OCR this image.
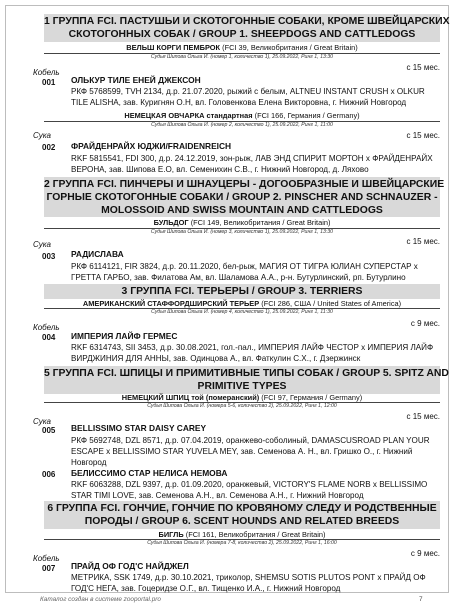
1 ГРУППА FCI. ПАСТУШЬИ И СКОТОГОННЫЕ СОБАКИ, КРОМЕ ШВЕЙЦАРСКИХ
СКОТОГОННЫХ СОБАК / GROUP 1. SHEEPDOGS AND CATTLEDOGS
ВЕЛЬШ КОРГИ ПЕМБРОК (FCI 39, Великобритания / Great Britain)
Судья Шипова Ольга И. (номер 1, количество 1), 25.09.2022, Ринг 1, 13:30
Кобель
с 15 мес.
001 ОЛЬКУР ТИЛЕ ЕНЕЙ ДЖЕКСОН
РКФ 5768599, TVH 2134, д.р. 21.07.2020, рыжий с белым, ALTNEU INSTANT CRUSH x OLKUR
TILE ALISHA, зав. Куригнян О.Н, вл. Головенкова Елена Викторовна, г. Нижний Новгород
НЕМЕЦКАЯ ОВЧАРКА стандартная (FCI 166, Германия / Germany)
Судья Шипова Ольга И. (номер 2, количество 1), 25.09.2022, Ринг 1, 11:00
Сука	с 15 мес.
002 ФРАЙДЕНРАЙХ ЮДЖИ/FRAIDENREICH
RKF 5815541, FDI 300, д.р. 24.12.2019, зон-рыж, ЛАВ ЭНД СПИРИТ МОРТОН x ФРАЙДЕНРАЙХ
ВЕРОНА, зав. Шипова Е.О, вл. Семенихин С.В., г. Нижний Новгород, д. Ляхово
2 ГРУППА FCI. ПИНЧЕРЫ И ШНАУЦЕРЫ - ДОГООБРАЗНЫЕ И ШВЕЙЦАРСКИЕ
ГОРНЫЕ СКОТОГОННЫЕ СОБАКИ / GROUP 2. PINSCHER AND SCHNAUZER -
MOLOSSOID AND SWISS MOUNTAIN AND CATTLEDOGS
БУЛЬДОГ (FCI 149, Великобритания / Great Britain)
Судья Шипова Ольга И. (номер 3, количество 1), 25.09.2022, Ринг 1, 13:30
Сука	с 15 мес.
003 РАДИСЛАВА
РКФ 6114121, FIR 3824, д.р. 20.11.2020, бел-рыж, МАГИЯ ОТ ТИГРА ЮЛИАН СУПЕРСТАР x
ГРЕТТА ГАРБО, зав. Филатова Ам, вл. Шаламова А.А., р-н. Бутурлинский, рп. Бутурлино
3 ГРУППА FCI. ТЕРЬЕРЫ / GROUP 3. TERRIERS
АМЕРИКАНСКИЙ СТАФФОРДШИРСКИЙ ТЕРЬЕР (FCI 286, США / United States of America)
Судья Шипова Ольга И. (номер 4, количество 1), 25.09.2022, Ринг 1, 11:30
Кобель	с 9 мес.
004 ИМПЕРИЯ ЛАЙФ ГЕРМЕС
RKF 6314743, SII 3453, д.р. 30.08.2021, гол.-пал., ИМПЕРИЯ ЛАЙФ ЧЕСТОР x ИМПЕРИЯ ЛАЙФ
ВИРДЖИНИЯ ДЛЯ АННЫ, зав. Одинцова А., вл. Фаткулин С.Х., г. Дзержинск
5 ГРУППА FCI. ШПИЦЫ И ПРИМИТИВНЫЕ ТИПЫ СОБАК / GROUP 5. SPITZ AND
PRIMITIVE TYPES
НЕМЕЦКИЙ ШПИЦ той (померанский) (FCI 97, Германия / Germany)
Судья Шипова Ольга И. (номера 5-6, количество 2), 25.09.2022, Ринг 1, 12:00
Сука
с 15 мес.
005 BELLISSIMO STAR DAISY CAREY
РКФ 5692748, DZL 8571, д.р. 07.04.2019, оранжево-соболиный, DAMASCUSROAD PLAN YOUR
ESCAPE x BELLISSIMO STAR YUVELA MEY, зав. Семенова А. Н., вл. Гришко О., г. Нижний
Новгород
006 БЕЛИССИМО СТАР НЕЛИСА НЕМОВА
RKF 6063288, DZL 9397, д.р. 01.09.2020, оранжевый, VICTORY'S FLAME NORB x BELLISSIMO
STAR TIMI LOVE, зав. Семенова А.Н., вл. Семенова А.Н., г. Нижний Новгород
6 ГРУППА FCI. ГОНЧИЕ, ГОНЧИЕ ПО КРОВЯНОМУ СЛЕДУ И РОДСТВЕННЫЕ
ПОРОДЫ / GROUP 6. SCENT HOUNDS AND RELATED BREEDS
БИГЛЬ (FCI 161, Великобритания / Great Britain)
Судья Шипова Ольга И. (номера 7-8, количество 2), 25.09.2022, Ринг 1, 16:00
Кобель
с 9 мес.
007 ПРАЙД ОФ ГОД'С НАЙДЖЕЛ
МЕТРИКА, SSK 1749, д.р. 30.10.2021, триколор, SHEMSU SOTIS PLUTOS PONT x ПРАЙД ОФ
ГОД'С НЕГА, зав. Гоцеридзе О.Г., вл. Тищенко И.А., г. Нижний Новгород
Каталог создан в системе zooportal.pro	7
